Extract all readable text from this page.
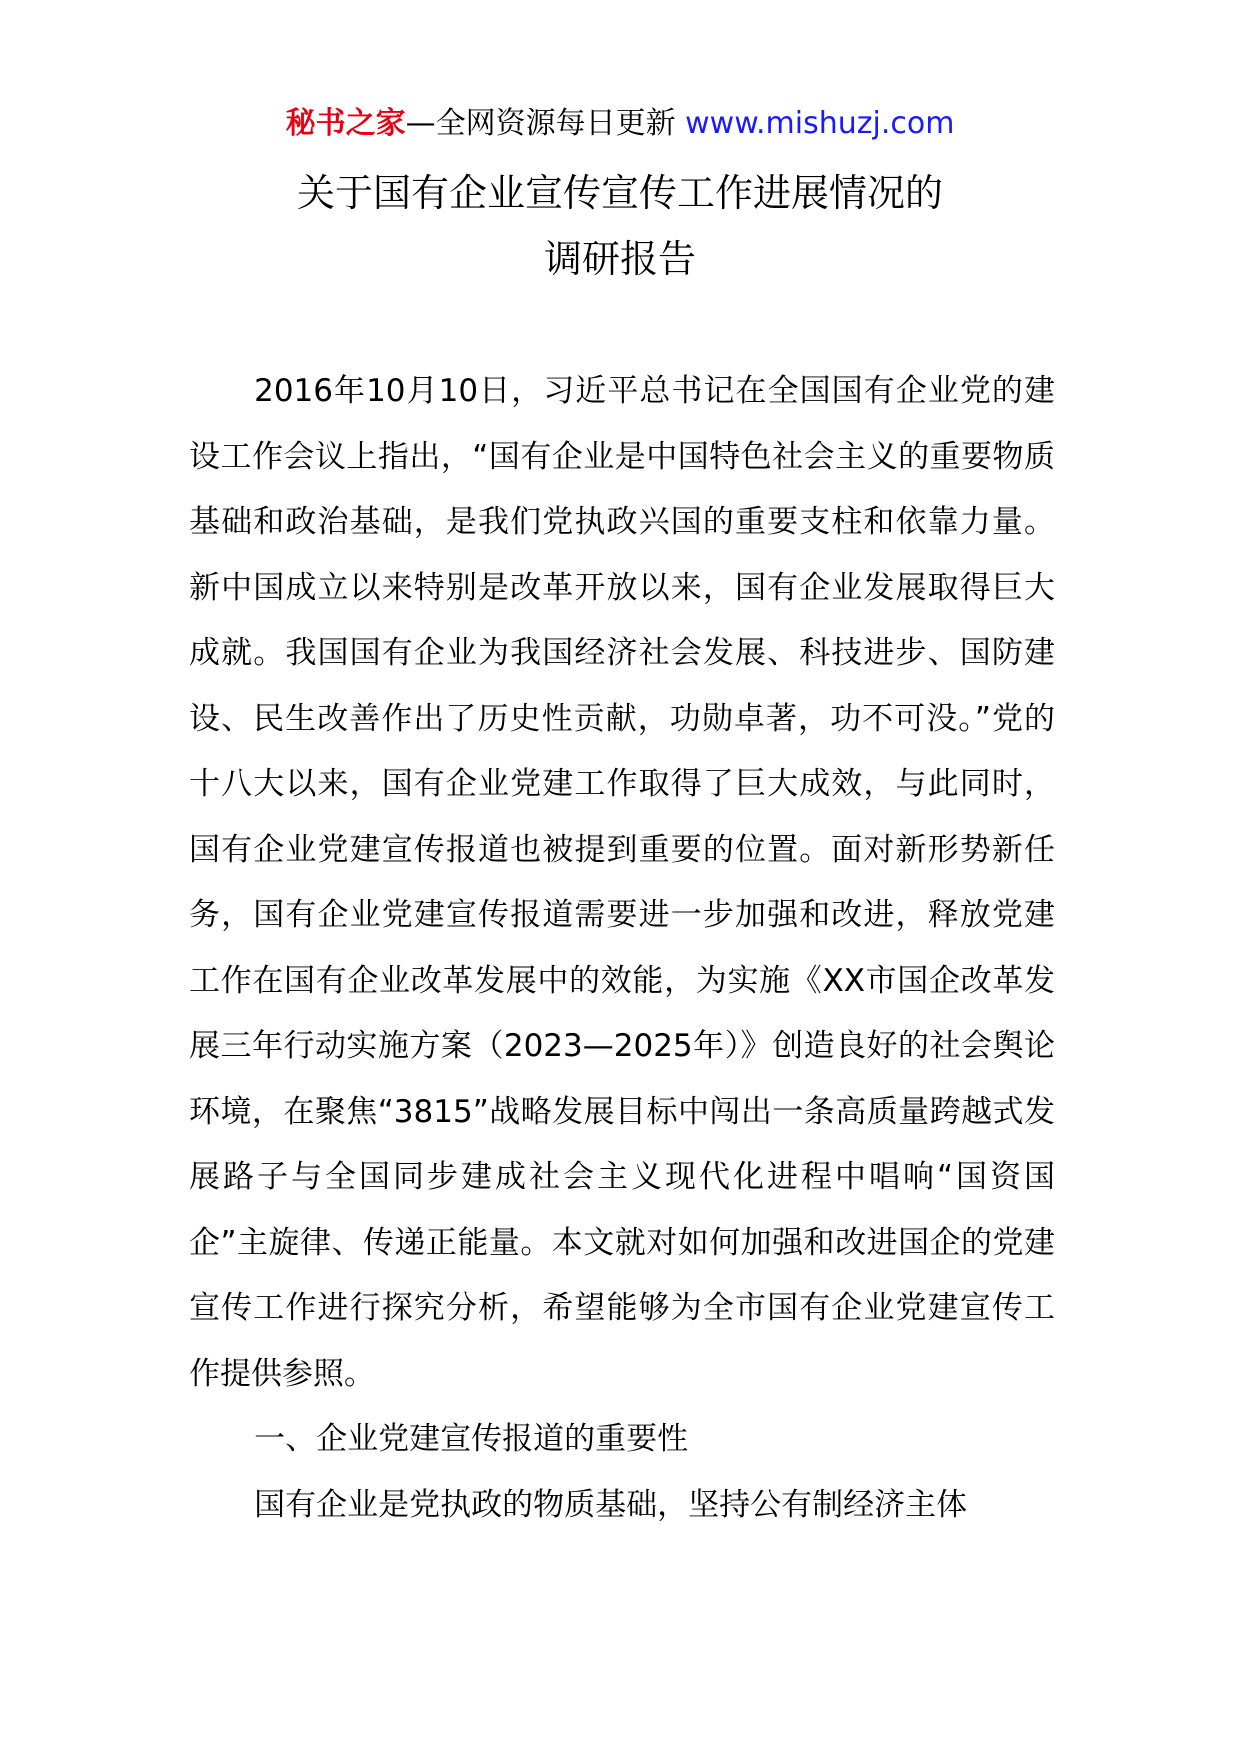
秘书之家—全网资源每日更新 www.mishuzj.com
关于国有企业宣传宣传工作进展情况的
调研报告

2016年10月10日，习近平总书记在全国国有企业党的建设工作会议上指出，“国有企业是中国特色社会主义的重要物质基础和政治基础，是我们党执政兴国的重要支柱和依靠力量。新中国成立以来特别是改革开放以来，国有企业发展取得巨大成就。我国国有企业为我国经济社会发展、科技进步、国防建设、民生改善作出了历史性贡献，功勋卓著，功不可没。”党的十八大以来，国有企业党建工作取得了巨大成效，与此同时，国有企业党建宣传报道也被提到重要的位置。面对新形势新任务，国有企业党建宣传报道需要进一步加强和改进，释放党建工作在国有企业改革发展中的效能，为实施《XX市国企改革发展三年行动实施方案（2023—2025年）》创造良好的社会舆论环境，在聚焦“3815”战略发展目标中闯出一条高质量跨越式发展路子与全国同步建成社会主义现代化进程中唱响“国资国企”主旋律、传递正能量。本文就对如何加强和改进国企的党建宣传工作进行探究分析，希望能够为全市国有企业党建宣传工作提供参照。

一、企业党建宣传报道的重要性

国有企业是党执政的物质基础，坚持公有制经济主体
